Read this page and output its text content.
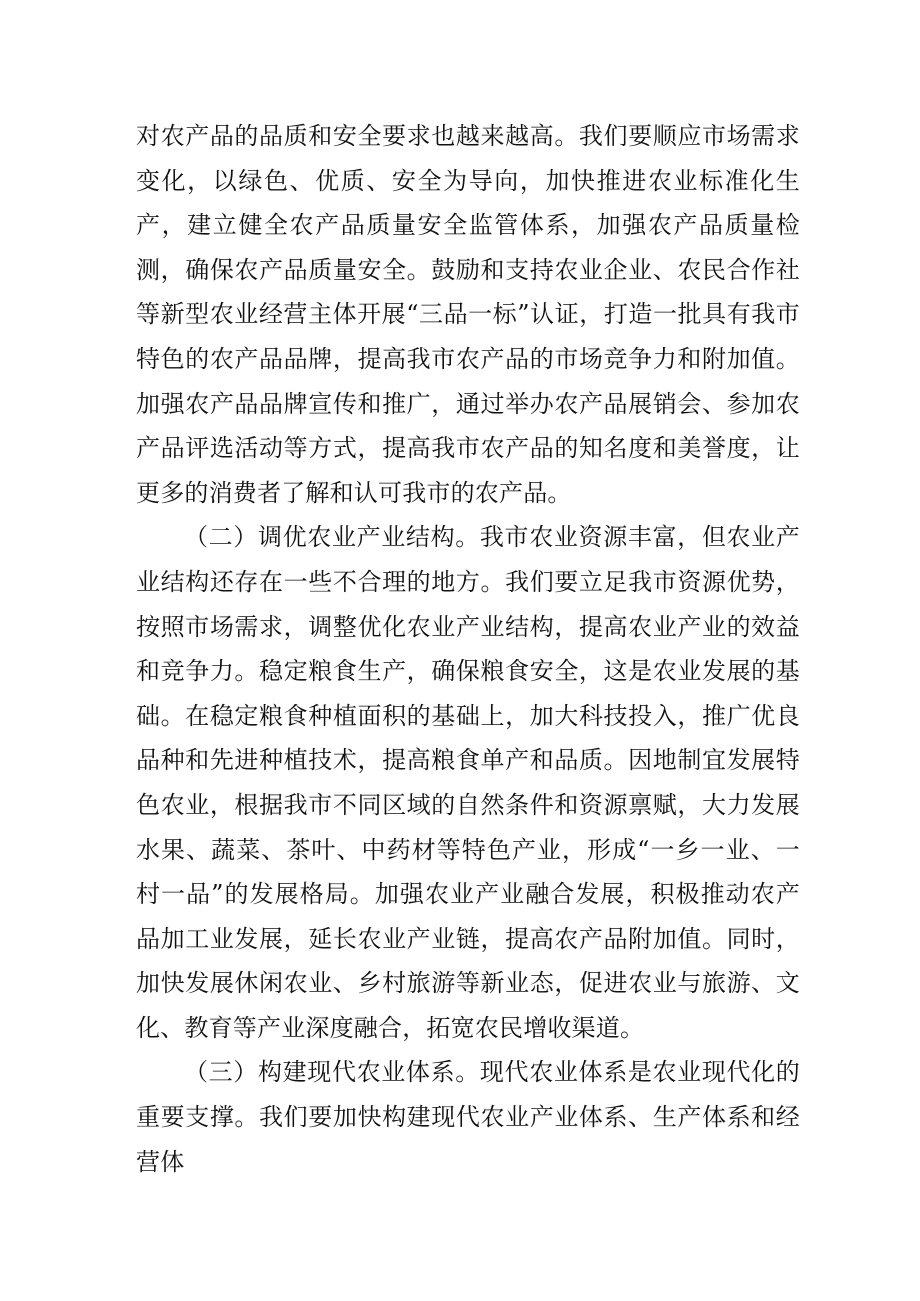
对农产品的品质和安全要求也越来越高。我们要顺应市场需求变化，以绿色、优质、安全为导向，加快推进农业标准化生产，建立健全农产品质量安全监管体系，加强农产品质量检测，确保农产品质量安全。鼓励和支持农业企业、农民合作社等新型农业经营主体开展“三品一标”认证，打造一批具有我市特色的农产品品牌，提高我市农产品的市场竞争力和附加值。加强农产品品牌宣传和推广，通过举办农产品展销会、参加农产品评选活动等方式，提高我市农产品的知名度和美誉度，让更多的消费者了解和认可我市的农产品。

（二）调优农业产业结构。我市农业资源丰富，但农业产业结构还存在一些不合理的地方。我们要立足我市资源优势，按照市场需求，调整优化农业产业结构，提高农业产业的效益和竞争力。稳定粮食生产，确保粮食安全，这是农业发展的基础。在稳定粮食种植面积的基础上，加大科技投入，推广优良品种和先进种植技术，提高粮食单产和品质。因地制宜发展特色农业，根据我市不同区域的自然条件和资源禀赋，大力发展水果、蔬菜、茶叶、中药材等特色产业，形成“一乡一业、一村一品”的发展格局。加强农业产业融合发展，积极推动农产品加工业发展，延长农业产业链，提高农产品附加值。同时，加快发展休闲农业、乡村旅游等新业态，促进农业与旅游、文化、教育等产业深度融合，拓宽农民增收渠道。

（三）构建现代农业体系。现代农业体系是农业现代化的重要支撑。我们要加快构建现代农业产业体系、生产体系和经营体
